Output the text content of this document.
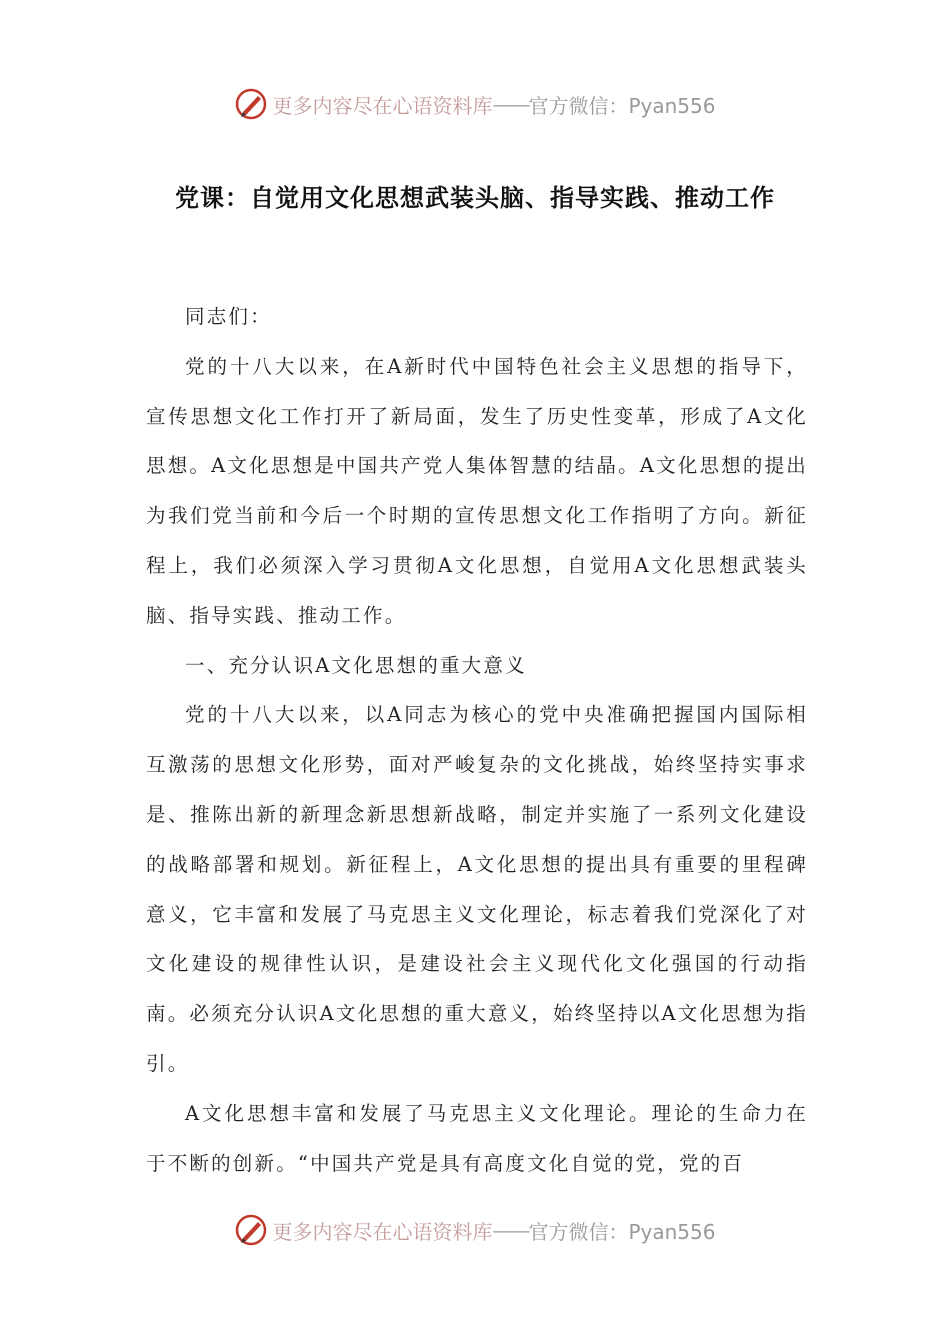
更多内容尽在心语资料库 —— 官方微信：Pyan556
党课：自觉用文化思想武装头脑、指导实践、推动工作

同志们：

党的十八大以来，在A新时代中国特色社会主义思想的指导下，宣传思想文化工作打开了新局面，发生了历史性变革，形成了A文化思想。A文化思想是中国共产党人集体智慧的结晶。A文化思想的提出为我们党当前和今后一个时期的宣传思想文化工作指明了方向。新征程上，我们必须深入学习贯彻A文化思想，自觉用A文化思想武装头脑、指导实践、推动工作。

一、充分认识A文化思想的重大意义

党的十八大以来，以A同志为核心的党中央准确把握国内国际相互激荡的思想文化形势，面对严峻复杂的文化挑战，始终坚持实事求是、推陈出新的新理念新思想新战略，制定并实施了一系列文化建设的战略部署和规划。新征程上，A文化思想的提出具有重要的里程碑意义，它丰富和发展了马克思主义文化理论，标志着我们党深化了对文化建设的规律性认识，是建设社会主义现代化文化强国的行动指南。必须充分认识A文化思想的重大意义，始终坚持以A文化思想为指引。

A文化思想丰富和发展了马克思主义文化理论。理论的生命力在于不断的创新。“中国共产党是具有高度文化自觉的党，党的百

更多内容尽在心语资料库 —— 官方微信：Pyan556
